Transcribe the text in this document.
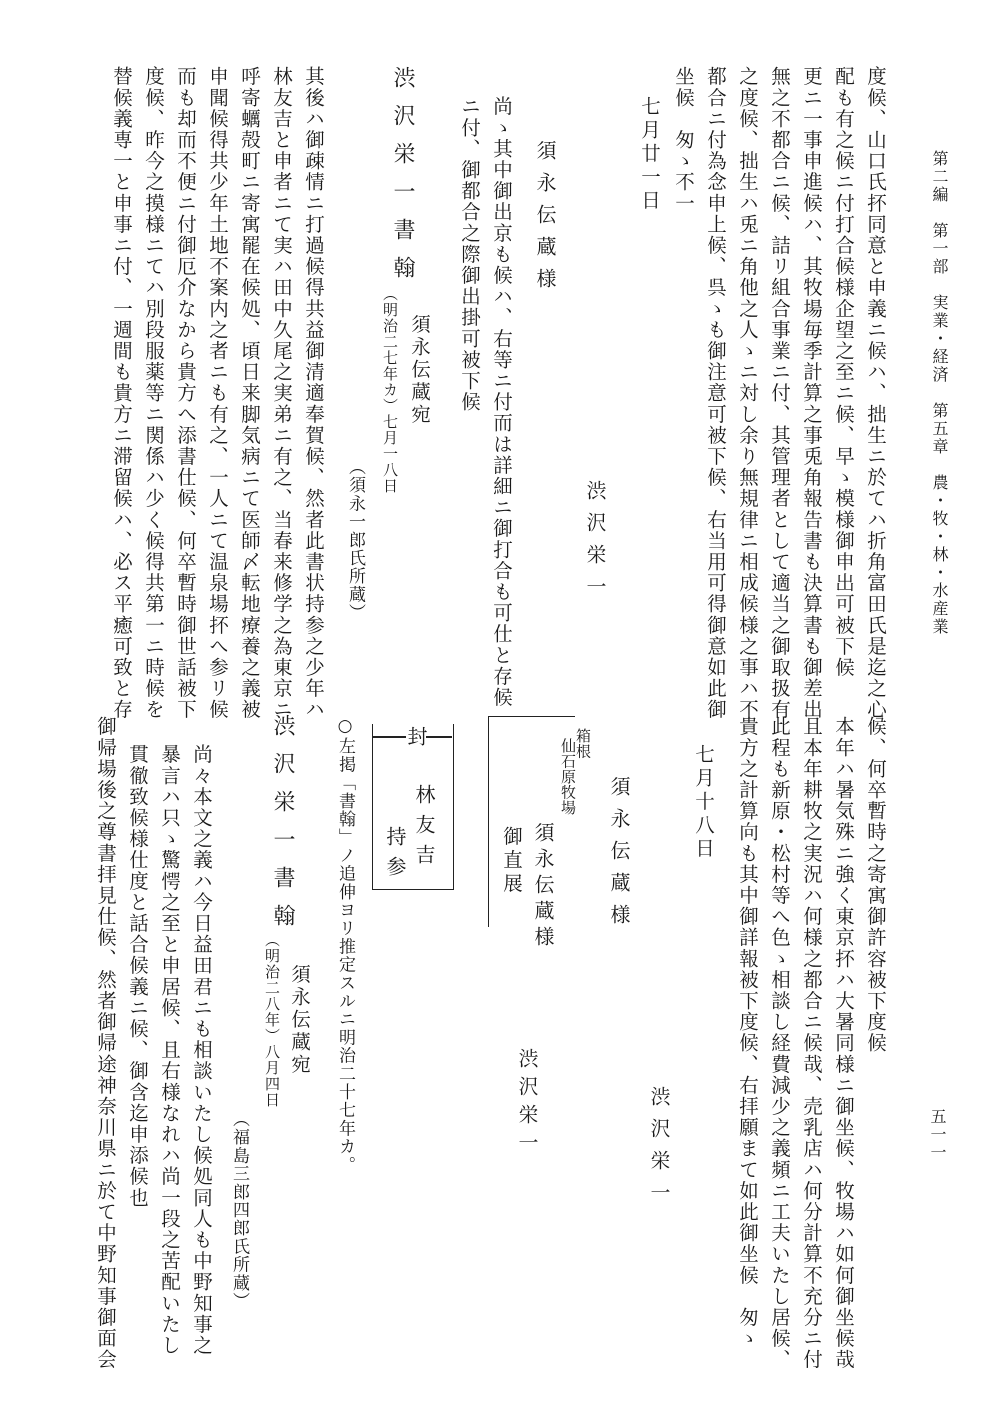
第二編　第一部　実業・経済　第五章　農・牧・林・水産業
五一一
度候、山口氏抔同意と申義ニ候ハ、拙生ニ於てハ折角富田氏是迄之心
配も有之候ニ付打合候様企望之至ニ候、早ゝ模様御申出可被下候
更ニ一事申進候ハ、其牧場毎季計算之事兎角報告書も決算書も御差出
無之不都合ニ候、詰リ組合事業ニ付、其管理者として適当之御取扱有
之度候、拙生ハ兎ニ角他之人ゝニ対し余り無規律ニ相成候様之事ハ不
都合ニ付為念申上候、呉ゝも御注意可被下候、右当用可得御意如此御
坐候　匆ゝ不一
七月廿一日
渋沢栄一
須永伝蔵様
尚ゝ其中御出京も候ハ、右等ニ付而は詳細ニ御打合も可仕と存候
ニ付、御都合之際御出掛可被下候
渋沢栄一書翰
須永伝蔵宛
（明治二七年カ）七月一八日
（須永一郎氏所蔵）
其後ハ御疎情ニ打過候得共益御清適奉賀候、然者此書状持参之少年ハ
林友吉と申者ニて実ハ田中久尾之実弟ニ有之、当春来修学之為東京ニ
呼寄蠣殻町ニ寄寓罷在候処、頃日来脚気病ニて医師〆転地療養之義被
申聞候得共少年土地不案内之者ニも有之、一人ニて温泉場抔へ参リ候
而も却而不便ニ付御厄介なから貴方へ添書仕候、何卒暫時御世話被下
度候、昨今之摸様ニてハ別段服薬等ニ関係ハ少く候得共第一ニ時候を
替候義専一と申事ニ付、一週間も貴方ニ滞留候ハ、必ス平癒可致と存
候、何卒暫時之寄寓御許容被下度候
本年ハ暑気殊ニ強く東京抔ハ大暑同様ニ御坐候、牧場ハ如何御坐候哉
且本年耕牧之実況ハ何様之都合ニ候哉、売乳店ハ何分計算不充分ニ付
此程も新原・松村等へ色ゝ相談し経費減少之義頻ニ工夫いたし居候、
貴方之計算向も其中御詳報被下度候、右拝願まて如此御坐候　匆ゝ
七月十八日
渋沢栄一
須永伝蔵様
箱根
仙石原牧場
須永伝蔵様
御直展
渋沢栄一
封
林友吉
持参
○左掲「書翰」ノ追伸ヨリ推定スルニ明治二十七年カ。
渋沢栄一書翰
須永伝蔵宛
（明治二八年）八月四日
（福島三郎四郎氏所蔵）
尚々本文之義ハ今日益田君ニも相談いたし候処同人も中野知事之
暴言ハ只ゝ驚愕之至と申居候、且右様なれハ尚一段之苦配いたし
貫徹致候様仕度と話合候義ニ候、御含迄申添候也
御帰場後之尊書拝見仕候、然者御帰途神奈川県ニ於て中野知事御面会
